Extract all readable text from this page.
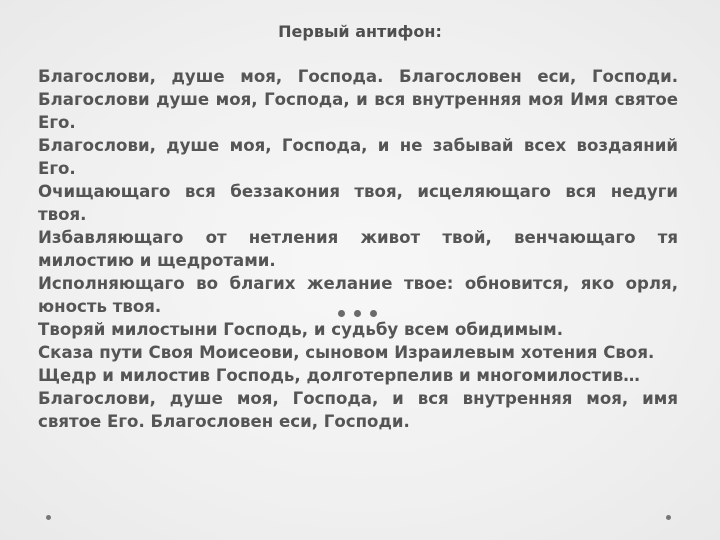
Первый антифон:

Благослови, душе моя, Господа. Благословен еси, Господи. Благослови душе моя, Господа, и вся внутренняя моя Имя святое Его.

Благослови, душе моя, Господа, и не забывай всех воздаяний Его.

Очищающаго вся беззакония твоя, исцеляющаго вся недуги твоя.

Избавляющаго от нетления живот твой, венчающаго тя милостию и щедротами.

Исполняющаго во благих желание твое: обновится, яко орля, юность твоя.

Творяй милостыни Господь, и судьбу всем обидимым.

Сказа пути Своя Моисеови, сыновом Израилевым хотения Своя.

Щедр и милостив Господь, долготерпелив и многомилостив…

Благослови, душе моя, Господа, и вся внутренняя моя, имя святое Его. Благословен еси, Господи.
